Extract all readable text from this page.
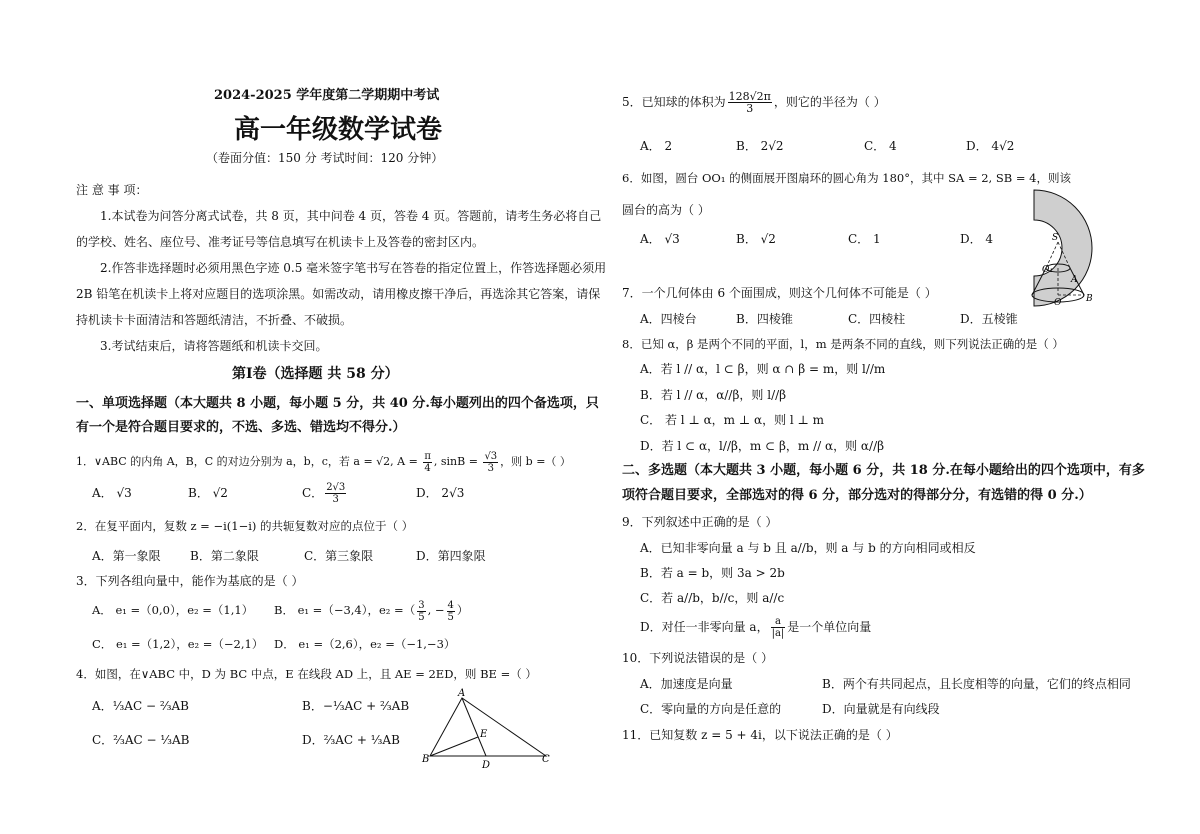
2024-2025 学年度第二学期期中考试
高一年级数学试卷
（卷面分值：150 分 考试时间：120 分钟）
注 意 事 项：
1.本试卷为问答分离式试卷，共 8 页，其中问卷 4 页，答卷 4 页。答题前，请考生务必将自己
的学校、姓名、座位号、准考证号等信息填写在机读卡上及答卷的密封区内。
2.作答非选择题时必须用黑色字迹 0.5 毫米签字笔书写在答卷的指定位置上，作答选择题必须用
2B 铅笔在机读卡上将对应题目的选项涂黑。如需改动，请用橡皮擦干净后，再选涂其它答案，请保
持机读卡卡面清洁和答题纸清洁，不折叠、不破损。
3.考试结束后，请将答题纸和机读卡交回。
第Ⅰ卷（选择题 共 58 分）
一、单项选择题（本大题共 8 小题，每小题 5 分，共 40 分.每小题列出的四个备选项，只
有一个是符合题目要求的，不选、多选、错选均不得分.）
1．∨ABC 的内角 A，B，C 的对边分别为 a，b，c，若 a = √2, $A = \frac{\pi}{4}$ , $\sin B = \frac{√3}{3}$ ，则 b =（ ）
A． √3	B． √2	C． $\frac{2√3}{3}$	D． 2√3
2．在复平面内，复数 z = −i(1−i) 的共轭复数对应的点位于（ ）
A．第一象限 B．第二象限	C．第三象限	D．第四象限
3．下列各组向量中，能作为基底的是（ ）
A． e₁ =（0,0），e₂ =（1,1） B． e₁ =（−3,4），e₂ =（ $\frac{3}{5}$ , − $\frac{4}{5}$ ）
C． e₁ =（1,2），e₂ =（−2,1） D． e₁ =（2,6），e₂ =（−1,−3）
4．如图，在∨ABC 中，D 为 BC 中点，E 在线段 AD 上，且 AE = 2ED，则 BE =（ ）
A．⅓AC − ⅔AB	B．−⅓AC + ⅔AB
C．⅔AC − ⅓AB	D．⅔AC + ⅓AB
A
B	C
D
E
5．已知球的体积为 $\frac{128√2\pi}{3}$ ，则它的半径为（ ）
A． 2	B． 2√2	C． 4	D． 4√2
6．如图，圆台 OO₁ 的侧面展开图扇环的圆心角为 180°，其中 SA = 2, SB = 4，则该
圆台的高为（ ）
A． √3	B． √2	C． 1	D． 4	S
O₁
A
O	B
7．一个几何体由 6 个面围成，则这个几何体不可能是（ ）
A．四棱台	B．四棱锥	C．四棱柱	D．五棱锥
8．已知 α，β 是两个不同的平面，l，m 是两条不同的直线，则下列说法正确的是（ ）
A．若 l // α，l ⊂ β，则 α ∩ β = m，则 l//m
B．若 l // α，α//β，则 l//β
C． 若 l ⊥ α，m ⊥ α，则 l ⊥ m
D．若 l ⊂ α，l//β，m ⊂ β，m // α，则 α//β
二、多选题（本大题共 3 小题，每小题 6 分，共 18 分.在每小题给出的四个选项中，有多
项符合题目要求，全部选对的得 6 分，部分选对的得部分分，有选错的得 0 分.）
9．下列叙述中正确的是（ ）
A．已知非零向量 a 与 b 且 a//b，则 a 与 b 的方向相同或相反
B．若 a = b，则 3a > 2b
C．若 a//b，b//c，则 a//c
D．对任一非零向量 a， $\frac{a}{|a|}$ 是一个单位向量
10．下列说法错误的是（ ）
A．加速度是向量	B．两个有共同起点，且长度相等的向量，它们的终点相同
C．零向量的方向是任意的	D．向量就是有向线段
11．已知复数 z = 5 + 4i，以下说法正确的是（ ）
